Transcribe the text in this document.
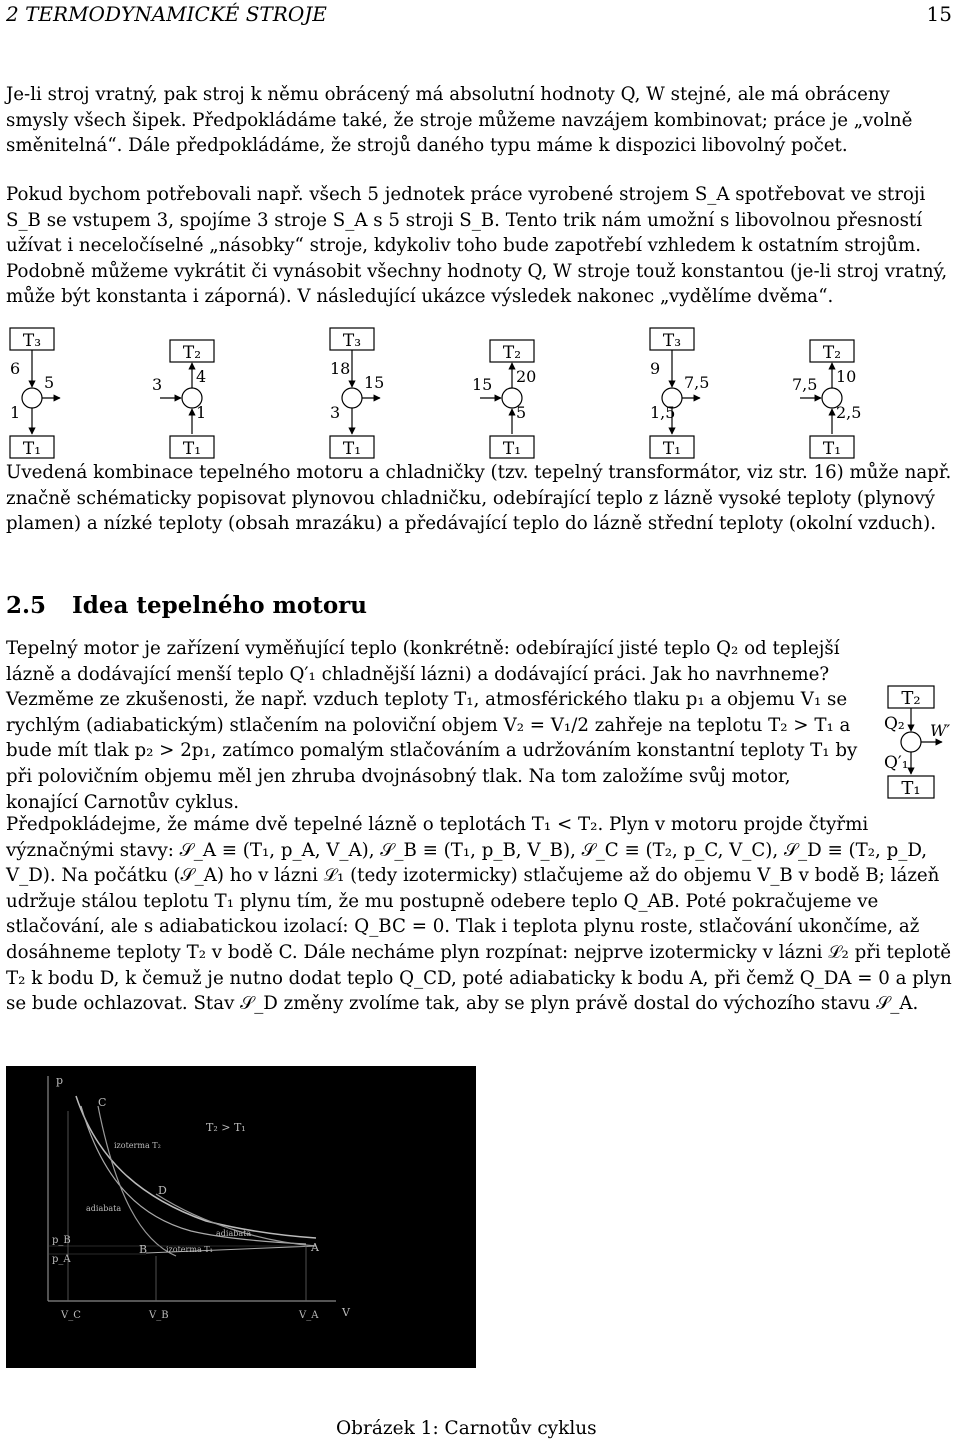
2 TERMODYNAMICKÉ STROJE	15

Je-li stroj vratný, pak stroj k němu obrácený má absolutní hodnoty Q, W stejné, ale má obráceny smysly všech šipek. Předpokládáme také, že stroje můžeme navzájem kombinovat; práce je „volně směnitelná“. Dále předpokládáme, že strojů daného typu máme k dispozici libovolný počet.

Pokud bychom potřebovali např. všech 5 jednotek práce vyrobené strojem S_A spotřebovat ve stroji S_B se vstupem 3, spojíme 3 stroje S_A s 5 stroji S_B. Tento trik nám umožní s libovolnou přesností užívat i neceločíselné „násobky“ stroje, kdykoliv toho bude zapotřebí vzhledem k ostatním strojům. Podobně můžeme vykrátit či vynásobit všechny hodnoty Q, W stroje touž konstantou (je-li stroj vratný, může být konstanta i záporná). V následující ukázce výsledek nakonec „vydělíme dvěma“.

T₃
6
1
5
T₁
T₂
1
4
3
T₁
T₃
18
3
15
T₁
T₂
5
20
15
T₁
T₃
9
1,5
7,5
T₁
T₂
2,5
10
7,5
T₁

Uvedená kombinace tepelného motoru a chladničky (tzv. tepelný transformátor, viz str. 16) může např. značně schématicky popisovat plynovou chladničku, odebírající teplo z lázně vysoké teploty (plynový plamen) a nízké teploty (obsah mrazáku) a předávající teplo do lázně střední teploty (okolní vzduch).

2.5 Idea tepelného motoru

Tepelný motor je zařízení vyměňující teplo (konkrétně: odebírající jisté teplo Q₂ od teplejší lázně a dodávající menší teplo Q′₁ chladnější lázni) a dodávající práci. Jak ho navrhneme? Vezměme ze zkušenosti, že např. vzduch teploty T₁, atmosférického tlaku p₁ a objemu V₁ se rychlým (adiabatickým) stlačením na poloviční objem V₂ = V₁/2 zahřeje na teplotu T₂ > T₁ a bude mít tlak p₂ > 2p₁, zatímco pomalým stlačováním a udržováním konstantní teploty T₁ by při polovičním objemu měl jen zhruba dvojnásobný tlak. Na tom založíme svůj motor, konající Carnotův cyklus.

T₂
Q₂ W′
Q′₁
T₁

Předpokládejme, že máme dvě tepelné lázně o teplotách T₁ < T₂. Plyn v motoru projde čtyřmi význačnými stavy: 𝒮_A ≡ (T₁, p_A, V_A), 𝒮_B ≡ (T₁, p_B, V_B), 𝒮_C ≡ (T₂, p_C, V_C), 𝒮_D ≡ (T₂, p_D, V_D). Na počátku (𝒮_A) ho v lázni ℒ₁ (tedy izotermicky) stlačujeme až do objemu V_B v bodě B; lázeň udržuje stálou teplotu T₁ plynu tím, že mu postupně odebere teplo Q_AB. Poté pokračujeme ve stlačování, ale s adiabatickou izolací: Q_BC = 0. Tlak i teplota plynu roste, stlačování ukončíme, až dosáhneme teploty T₂ v bodě C. Dále necháme plyn rozpínat: nejprve izotermicky v lázni ℒ₂ při teplotě T₂ k bodu D, k čemuž je nutno dodat teplo Q_CD, poté adiabaticky k bodu A, při čemž Q_DA = 0 a plyn se bude ochlazovat. Stav 𝒮_D změny zvolíme tak, aby se plyn právě dostal do výchozího stavu 𝒮_A.

p
C
T₂ > T₁
izoterma T₂
D
adiabata
adiabata
p_B
p_A
B izoterma T₁	A
V_C	V_B	V_A V
Obrázek 1: Carnotův cyklus
